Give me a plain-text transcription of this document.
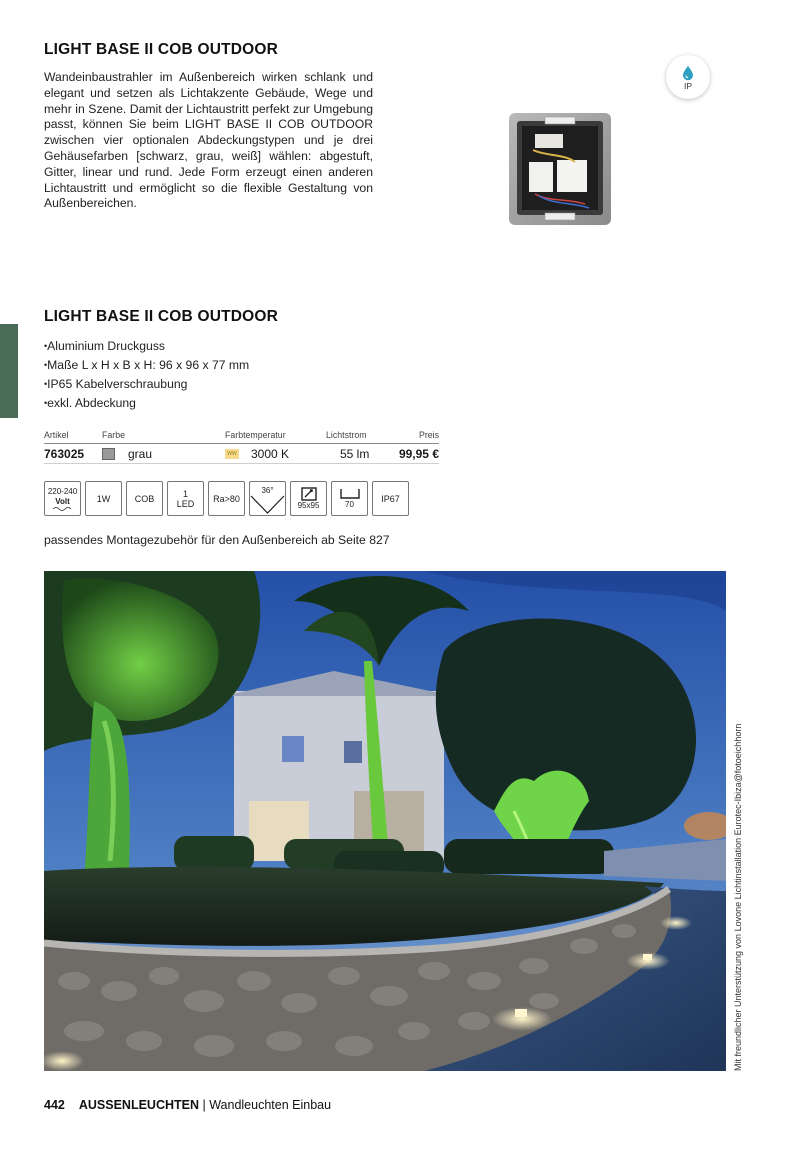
LIGHT BASE II COB OUTDOOR
Wandeinbaustrahler im Außenbereich wirken schlank und elegant und setzen als Lichtakzente Gebäude, Wege und mehr in Szene. Damit der Lichtaustritt perfekt zur Umgebung passt, können Sie beim LIGHT BASE II COB OUTDOOR zwischen vier optionalen Abdeckungstypen und je drei Gehäusefarben [schwarz, grau, weiß] wählen: abgestuft, Gitter, linear und rund. Jede Form erzeugt einen anderen Lichtaustritt und ermöglicht so die flexible Gestaltung von Außenbereichen.
IP
LIGHT BASE II COB OUTDOOR
• Aluminium Druckguss
• Maße L x H x B x H: 96 x 96 x 77 mm
• IP65 Kabelverschraubung
• exkl. Abdeckung
Artikel	Farbe	Farbtemperatur	Lichtstrom	Preis
763025	grau	WW 3000 K	55 lm 99,95 €
220-240
Volt	1W	COB	1
LED	Ra>80
36°
95x95	70
IP67
passendes Montagezubehör für den Außenbereich ab Seite 827
Mit freundlicher Unterstützung von Lovone Lichtinstallation Eurotec-Ibiza@fotoeichhorn
442 AUSSENLEUCHTEN | Wandleuchten Einbau
